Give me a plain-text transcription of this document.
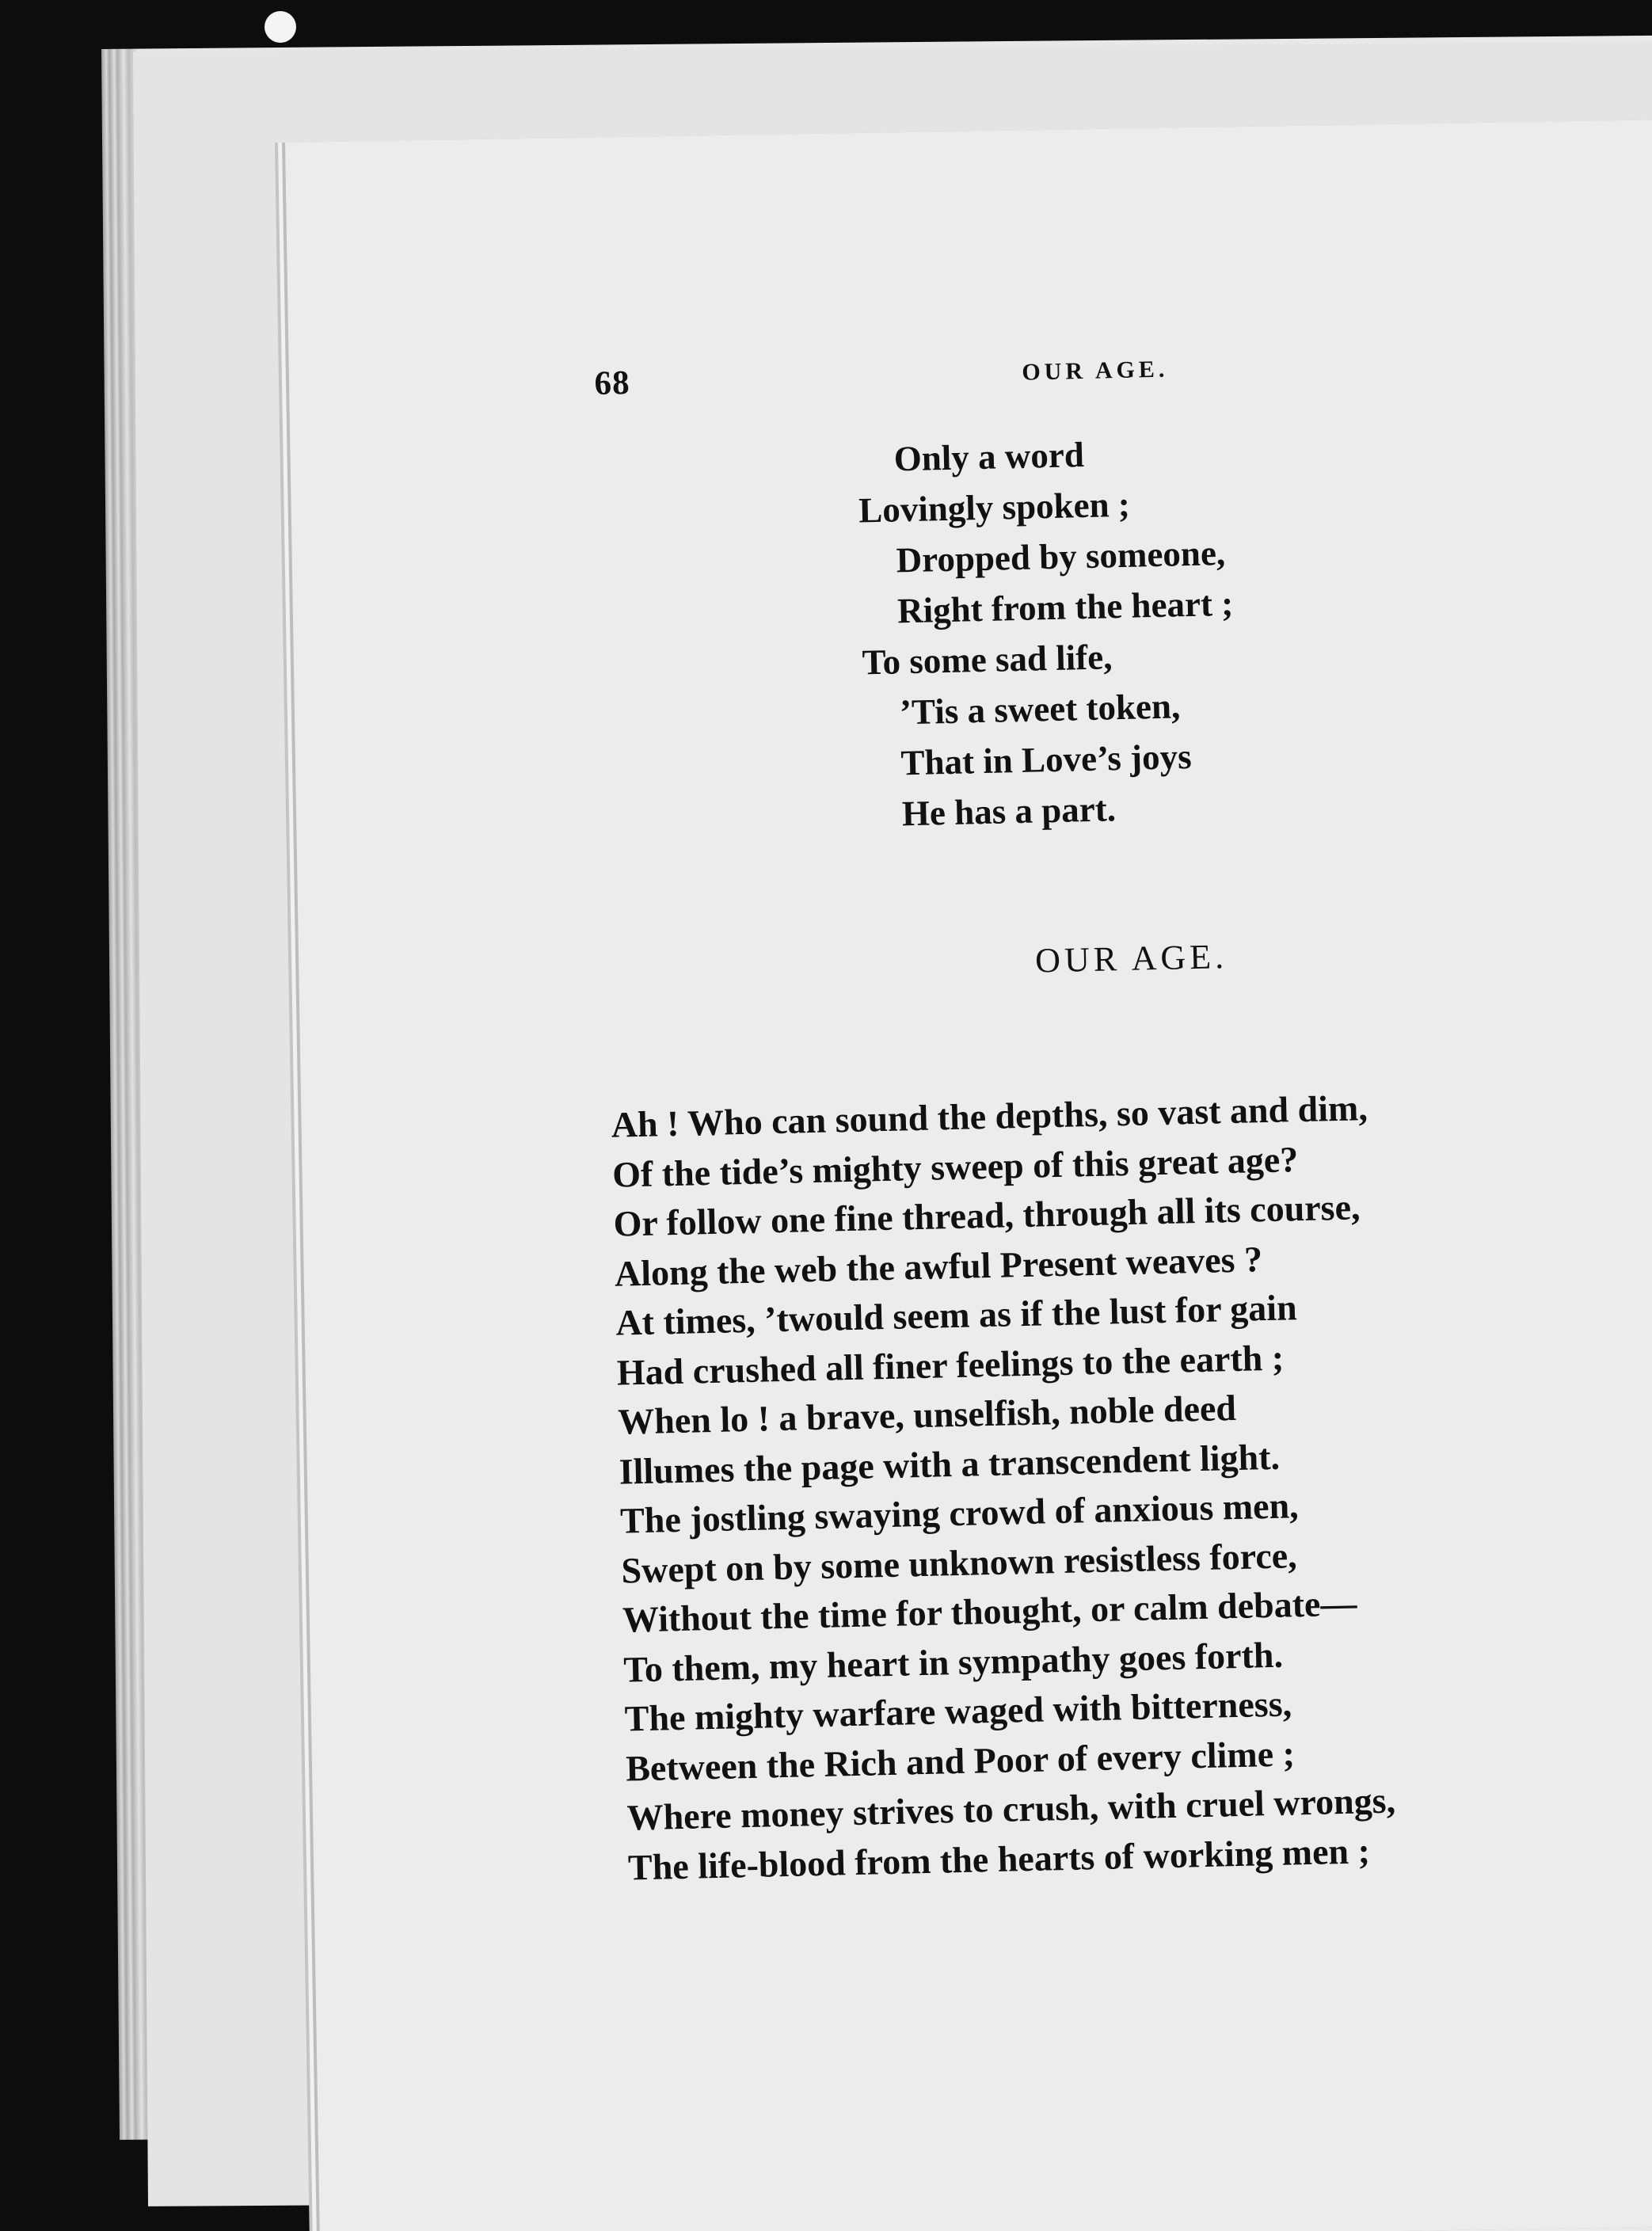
68	OUR AGE.
Only a word
Lovingly spoken ;
Dropped by someone,
Right from the heart ;
To some sad life,
’Tis a sweet token,
That in Love’s joys
He has a part.
OUR AGE.
Ah ! Who can sound the depths, so vast and dim,
Of the tide’s mighty sweep of this great age?
Or follow one fine thread, through all its course,
Along the web the awful Present weaves ?
At times, ’twould seem as if the lust for gain
Had crushed all finer feelings to the earth ;
When lo ! a brave, unselfish, noble deed
Illumes the page with a transcendent light.
The jostling swaying crowd of anxious men,
Swept on by some unknown resistless force,
Without the time for thought, or calm debate—
To them, my heart in sympathy goes forth.
The mighty warfare waged with bitterness,
Between the Rich and Poor of every clime ;
Where money strives to crush, with cruel wrongs,
The life-blood from the hearts of working men ;
